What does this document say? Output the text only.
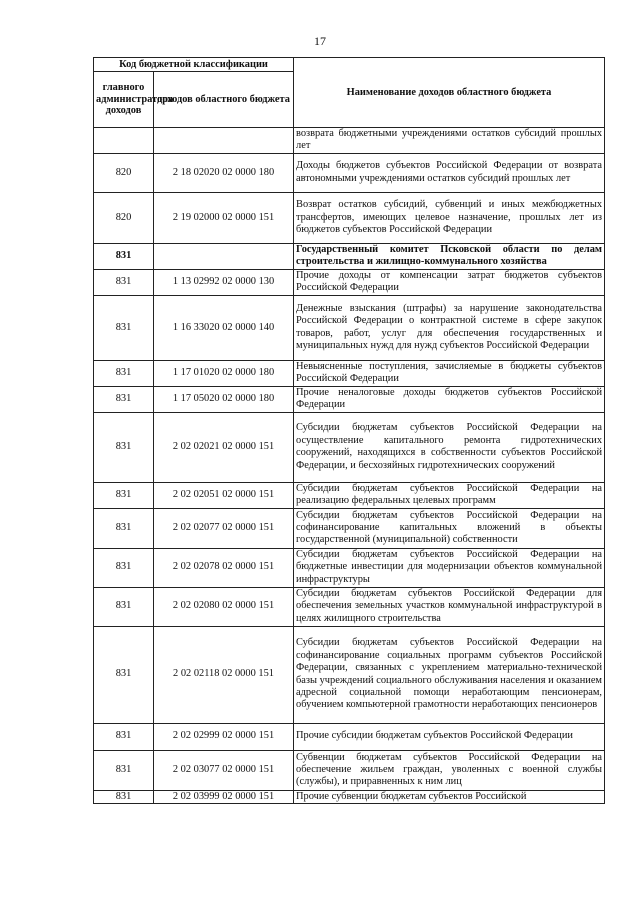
17
Код бюджетной классификации		Наименование доходов областного бюджета
главного администратора доходов	доходов областного бюджета	
		возврата бюджетными учреждениями остатков субсидий прошлых лет
820	2 18 02020 02 0000 180	Доходы бюджетов субъектов Российской Федерации от возврата автономными учреждениями остатков субсидий прошлых лет
820	2 19 02000 02 0000 151	Возврат остатков субсидий, субвенций и иных межбюджетных трансфертов, имеющих целевое назначение, прошлых лет из бюджетов субъектов Российской Федерации
831		Государственный комитет Псковской области по делам строительства и жилищно-коммунального хозяйства
831	1 13 02992 02 0000 130	Прочие доходы от компенсации затрат бюджетов субъектов Российской Федерации
831	1 16 33020 02 0000 140	Денежные взыскания (штрафы) за нарушение законодательства Российской Федерации о контрактной системе в сфере закупок товаров, работ, услуг для обеспечения государственных и муниципальных нужд для нужд субъектов Российской Федерации
831	1 17 01020 02 0000 180	Невыясненные поступления, зачисляемые в бюджеты субъектов Российской Федерации
831	1 17 05020 02 0000 180	Прочие неналоговые доходы бюджетов субъектов Российской Федерации
831	2 02 02021 02 0000 151	Субсидии бюджетам субъектов Российской Федерации на осуществление капитального ремонта гидротехнических сооружений, находящихся в собственности субъектов Российской Федерации, и бесхозяйных гидротехнических сооружений
831	2 02 02051 02 0000 151	Субсидии бюджетам субъектов Российской Федерации на реализацию федеральных целевых программ
831	2 02 02077 02 0000 151	Субсидии бюджетам субъектов Российской Федерации на софинансирование капитальных вложений в объекты государственной (муниципальной) собственности
831	2 02 02078 02 0000 151	Субсидии бюджетам субъектов Российской Федерации на бюджетные инвестиции для модернизации объектов коммунальной инфраструктуры
831	2 02 02080 02 0000 151	Субсидии бюджетам субъектов Российской Федерации для обеспечения земельных участков коммунальной инфраструктурой в целях жилищного строительства
831	2 02 02118 02 0000 151	Субсидии бюджетам субъектов Российской Федерации на софинансирование социальных программ субъектов Российской Федерации, связанных с укреплением материально-технической базы учреждений социального обслуживания населения и оказанием адресной социальной помощи неработающим пенсионерам, обучением компьютерной грамотности неработающих пенсионеров
831	2 02 02999 02 0000 151	Прочие субсидии бюджетам субъектов Российской Федерации
831	2 02 03077 02 0000 151	Субвенции бюджетам субъектов Российской Федерации на обеспечение жильем граждан, уволенных с военной службы (службы), и приравненных к ним лиц
831	2 02 03999 02 0000 151	Прочие субвенции бюджетам субъектов Российской
